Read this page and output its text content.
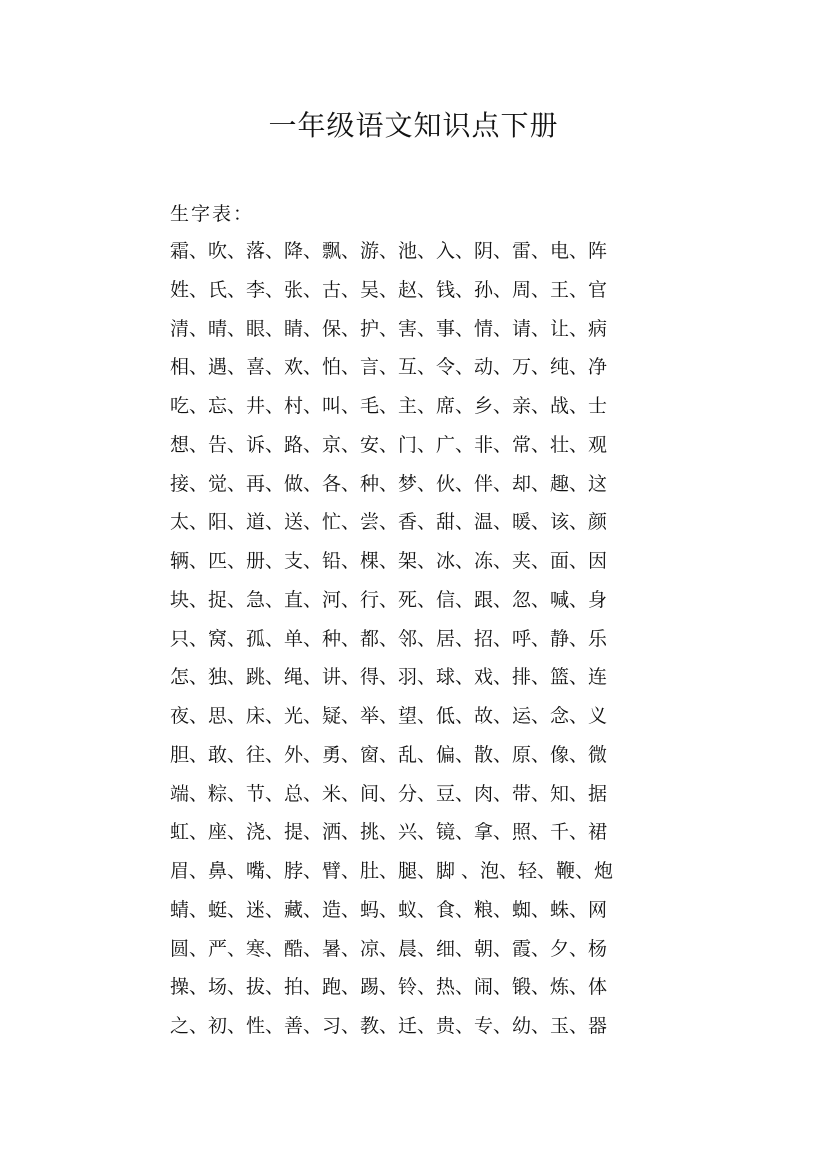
一年级语文知识点下册

生字表：

霜、吹、落、降、飘、游、池、入、阴、雷、电、阵
姓、氏、李、张、古、吴、赵、钱、孙、周、王、官
清、晴、眼、睛、保、护、害、事、情、请、让、病
相、遇、喜、欢、怕、言、互、令、动、万、纯、净
吃、忘、井、村、叫、毛、主、席、乡、亲、战、士
想、告、诉、路、京、安、门、广、非、常、壮、观
接、觉、再、做、各、种、梦、伙、伴、却、趣、这
太、阳、道、送、忙、尝、香、甜、温、暖、该、颜
辆、匹、册、支、铅、棵、架、冰、冻、夹、面、因
块、捉、急、直、河、行、死、信、跟、忽、喊、身
只、窝、孤、单、种、都、邻、居、招、呼、静、乐
怎、独、跳、绳、讲、得、羽、球、戏、排、篮、连
夜、思、床、光、疑、举、望、低、故、运、念、义
胆、敢、往、外、勇、窗、乱、偏、散、原、像、微
端、粽、节、总、米、间、分、豆、肉、带、知、据
虹、座、浇、提、洒、挑、兴、镜、拿、照、千、裙
眉、鼻、嘴、脖、臂、肚、腿、脚 、泡、轻、鞭、炮
蜻、蜓、迷、藏、造、蚂、蚁、食、粮、蜘、蛛、网
圆、严、寒、酷、暑、凉、晨、细、朝、霞、夕、杨
操、场、拔、拍、跑、踢、铃、热、闹、锻、炼、体
之、初、性、善、习、教、迁、贵、专、幼、玉、器
